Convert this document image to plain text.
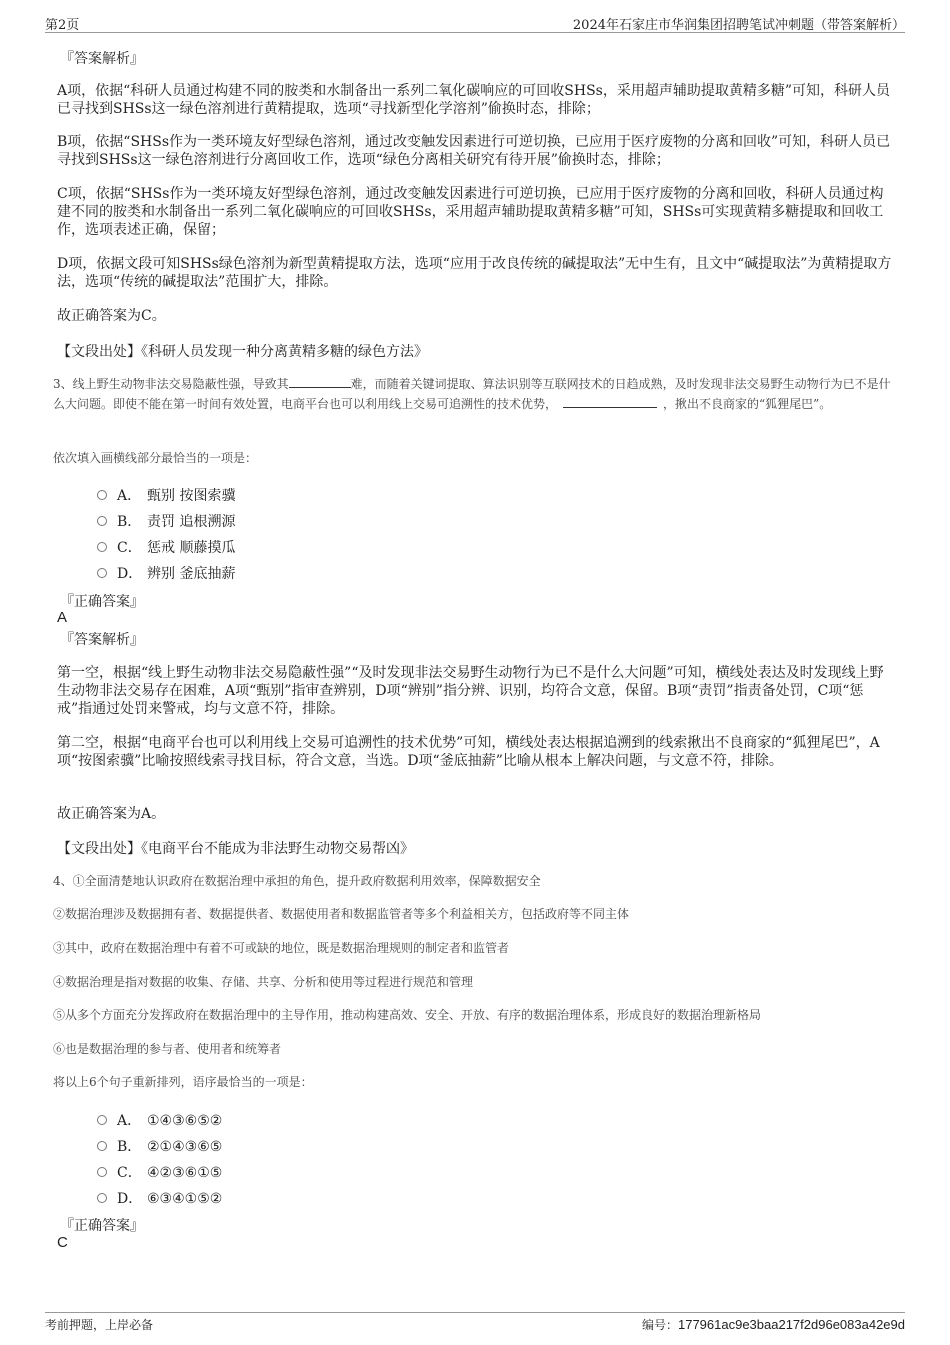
第2页	2024年石家庄市华润集团招聘笔试冲刺题（带答案解析）
『答案解析』

A项，依据“科研人员通过构建不同的胺类和水制备出一系列二氧化碳响应的可回收SHSs，采用超声辅助提取黄精多糖”可知，科研人员已寻找到SHSs这一绿色溶剂进行黄精提取，选项“寻找新型化学溶剂”偷换时态，排除；

B项，依据“SHSs作为一类环境友好型绿色溶剂，通过改变触发因素进行可逆切换，已应用于医疗废物的分离和回收”可知，科研人员已寻找到SHSs这一绿色溶剂进行分离回收工作，选项“绿色分离相关研究有待开展”偷换时态，排除；

C项，依据“SHSs作为一类环境友好型绿色溶剂，通过改变触发因素进行可逆切换，已应用于医疗废物的分离和回收，科研人员通过构建不同的胺类和水制备出一系列二氧化碳响应的可回收SHSs，采用超声辅助提取黄精多糖”可知，SHSs可实现黄精多糖提取和回收工作，选项表述正确，保留；

D项，依据文段可知SHSs绿色溶剂为新型黄精提取方法，选项“应用于改良传统的碱提取法”无中生有，且文中“碱提取法”为黄精提取方法，选项“传统的碱提取法”范围扩大，排除。

故正确答案为C。
【文段出处】《科研人员发现一种分离黄精多糖的绿色方法》

3、线上野生动物非法交易隐蔽性强，导致其	难，而随着关键词提取、算法识别等互联网技术的日趋成熟，及时发现非法交易野生动物行为已不是什么大问题。即使不能在第一时间有效处置，电商平台也可以利用线上交易可追溯性的技术优势，	，揪出不良商家的“狐狸尾巴”。

依次填入画横线部分最恰当的一项是：
A． 甄别 按图索骥
B． 责罚 追根溯源
C． 惩戒 顺藤摸瓜
D． 辨别 釜底抽薪
『正确答案』
A
『答案解析』

第一空，根据“线上野生动物非法交易隐蔽性强”“及时发现非法交易野生动物行为已不是什么大问题”可知，横线处表达及时发现线上野生动物非法交易存在困难，A项“甄别”指审查辨别，D项“辨别”指分辨、识别，均符合文意，保留。B项“责罚”指责备处罚，C项“惩戒”指通过处罚来警戒，均与文意不符，排除。

第二空，根据“电商平台也可以利用线上交易可追溯性的技术优势”可知，横线处表达根据追溯到的线索揪出不良商家的“狐狸尾巴”，A项“按图索骥”比喻按照线索寻找目标，符合文意，当选。D项“釜底抽薪”比喻从根本上解决问题，与文意不符，排除。

故正确答案为A。
【文段出处】《电商平台不能成为非法野生动物交易帮凶》
4、①全面清楚地认识政府在数据治理中承担的角色，提升政府数据利用效率，保障数据安全
②数据治理涉及数据拥有者、数据提供者、数据使用者和数据监管者等多个利益相关方，包括政府等不同主体
③其中，政府在数据治理中有着不可或缺的地位，既是数据治理规则的制定者和监管者
④数据治理是指对数据的收集、存储、共享、分析和使用等过程进行规范和管理
⑤从多个方面充分发挥政府在数据治理中的主导作用，推动构建高效、安全、开放、有序的数据治理体系，形成良好的数据治理新格局
⑥也是数据治理的参与者、使用者和统筹者
将以上6个句子重新排列，语序最恰当的一项是：
A． ①④③⑥⑤②
B． ②①④③⑥⑤
C． ④②③⑥①⑤
D． ⑥③④①⑤②
『正确答案』
C
考前押题，上岸必备	编号：177961ac9e3baa217f2d96e083a42e9d
